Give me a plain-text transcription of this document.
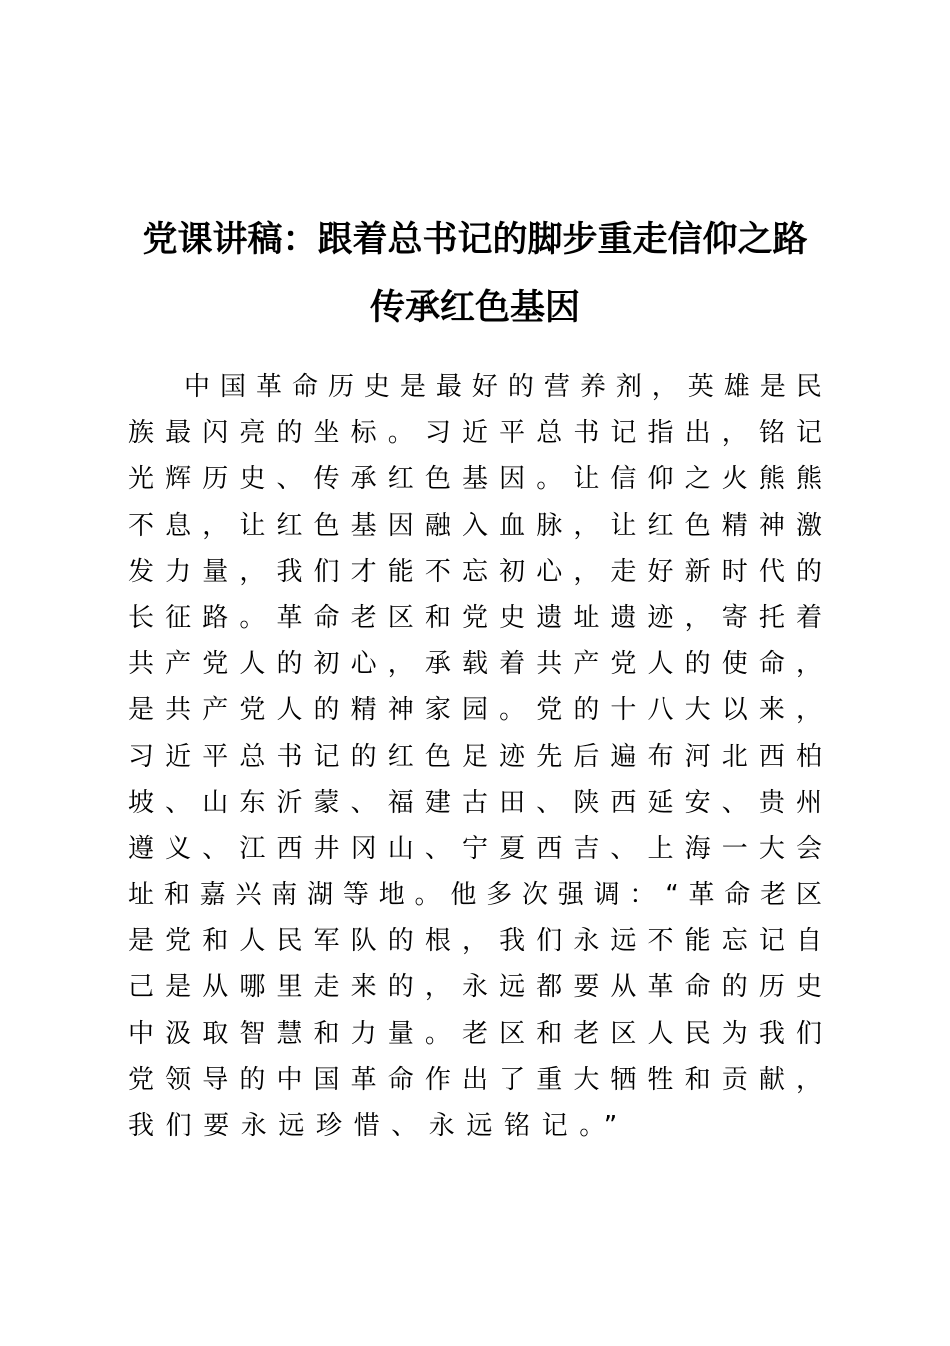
党课讲稿：跟着总书记的脚步重走信仰之路
传承红色基因
中 国 革 命 历 史 是 最 好 的 营 养 剂 ， 英 雄 是 民
族 最 闪 亮 的 坐 标 。 习 近 平 总 书 记 指 出 ， 铭 记
光 辉 历 史 、 传 承 红 色 基 因 。 让 信 仰 之 火 熊 熊
不 息 ， 让 红 色 基 因 融 入 血 脉 ， 让 红 色 精 神 激
发 力 量 ， 我 们 才 能 不 忘 初 心 ， 走 好 新 时 代 的
长 征 路 。 革 命 老 区 和 党 史 遗 址 遗 迹 ， 寄 托 着
共 产 党 人 的 初 心 ， 承 载 着 共 产 党 人 的 使 命 ，
是 共 产 党 人 的 精 神 家 园 。 党 的 十 八 大 以 来 ，
习 近 平 总 书 记 的 红 色 足 迹 先 后 遍 布 河 北 西 柏
坡 、 山 东 沂 蒙 、 福 建 古 田 、 陕 西 延 安 、 贵 州
遵 义 、 江 西 井 冈 山 、 宁 夏 西 吉 、 上 海 一 大 会
址 和 嘉 兴 南 湖 等 地 。 他 多 次 强 调 ： “ 革 命 老 区
是 党 和 人 民 军 队 的 根 ， 我 们 永 远 不 能 忘 记 自
己 是 从 哪 里 走 来 的 ， 永 远 都 要 从 革 命 的 历 史
中 汲 取 智 慧 和 力 量 。 老 区 和 老 区 人 民 为 我 们
党 领 导 的 中 国 革 命 作 出 了 重 大 牺 牲 和 贡 献 ，
我们要永远珍惜、永远铭记。”
